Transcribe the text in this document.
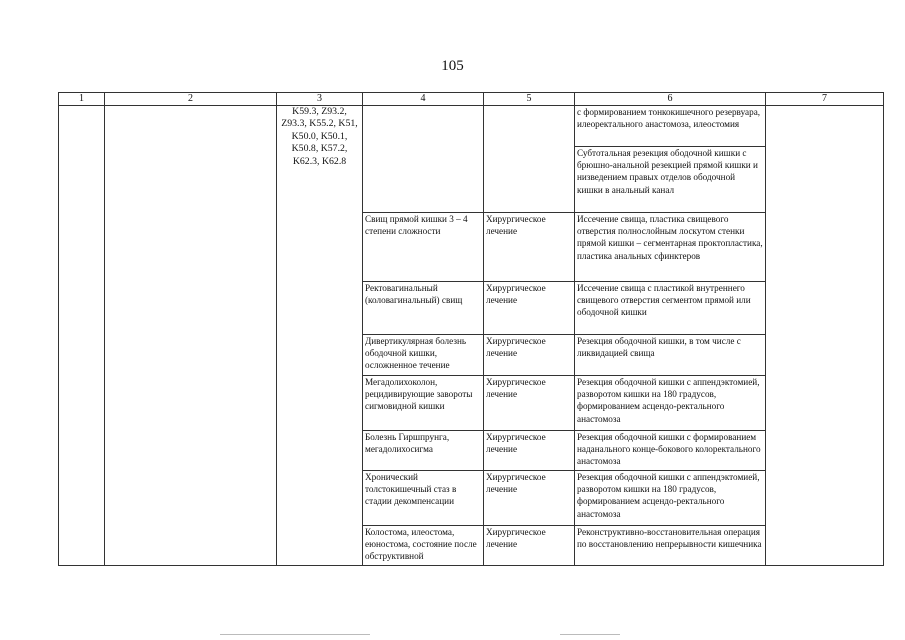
105
1	2	3	4	5	6	7
		K59.3, Z93.2, Z93.3, K55.2, K51, K50.0, K50.1, K50.8, K57.2, K62.3, K62.8			с формированием тонкокишечного резервуара, илеоректального анастомоза, илеостомия	
					Субтотальная резекция ободочной кишки с брюшно-анальной резекцией прямой кишки и низведением правых отделов ободочной кишки в анальный канал	
			Свищ прямой кишки 3 – 4 степени сложности	Хирургическое лечение	Иссечение свища, пластика свищевого отверстия полнослойным лоскутом стенки прямой кишки – сегментарная проктопластика, пластика анальных сфинктеров	
			Ректовагинальный (коловагинальный) свищ	Хирургическое лечение	Иссечение свища с пластикой внутреннего свищевого отверстия сегментом прямой или ободочной кишки	
			Дивертикулярная болезнь ободочной кишки, осложненное течение	Хирургическое лечение	Резекция ободочной кишки, в том числе с ликвидацией свища	
			Мегадолихоколон, рецидивирующие завороты сигмовидной кишки	Хирургическое лечение	Резекция ободочной кишки с аппендэктомией, разворотом кишки на 180 градусов, формированием асцендо-ректального анастомоза	
			Болезнь Гиршпрунга, мегадолихосигма	Хирургическое лечение	Резекция ободочной кишки с формированием наданального конце-бокового колоректального анастомоза	
			Хронический толстокишечный стаз в стадии декомпенсации	Хирургическое лечение	Резекция ободочной кишки с аппендэктомией, разворотом кишки на 180 градусов, формированием асцендо-ректального анастомоза	
			Колостома, илеостома, еюностома, состояние после обструктивной	Хирургическое лечение	Реконструктивно-восстановительная операция по восстановлению непрерывности кишечника	
